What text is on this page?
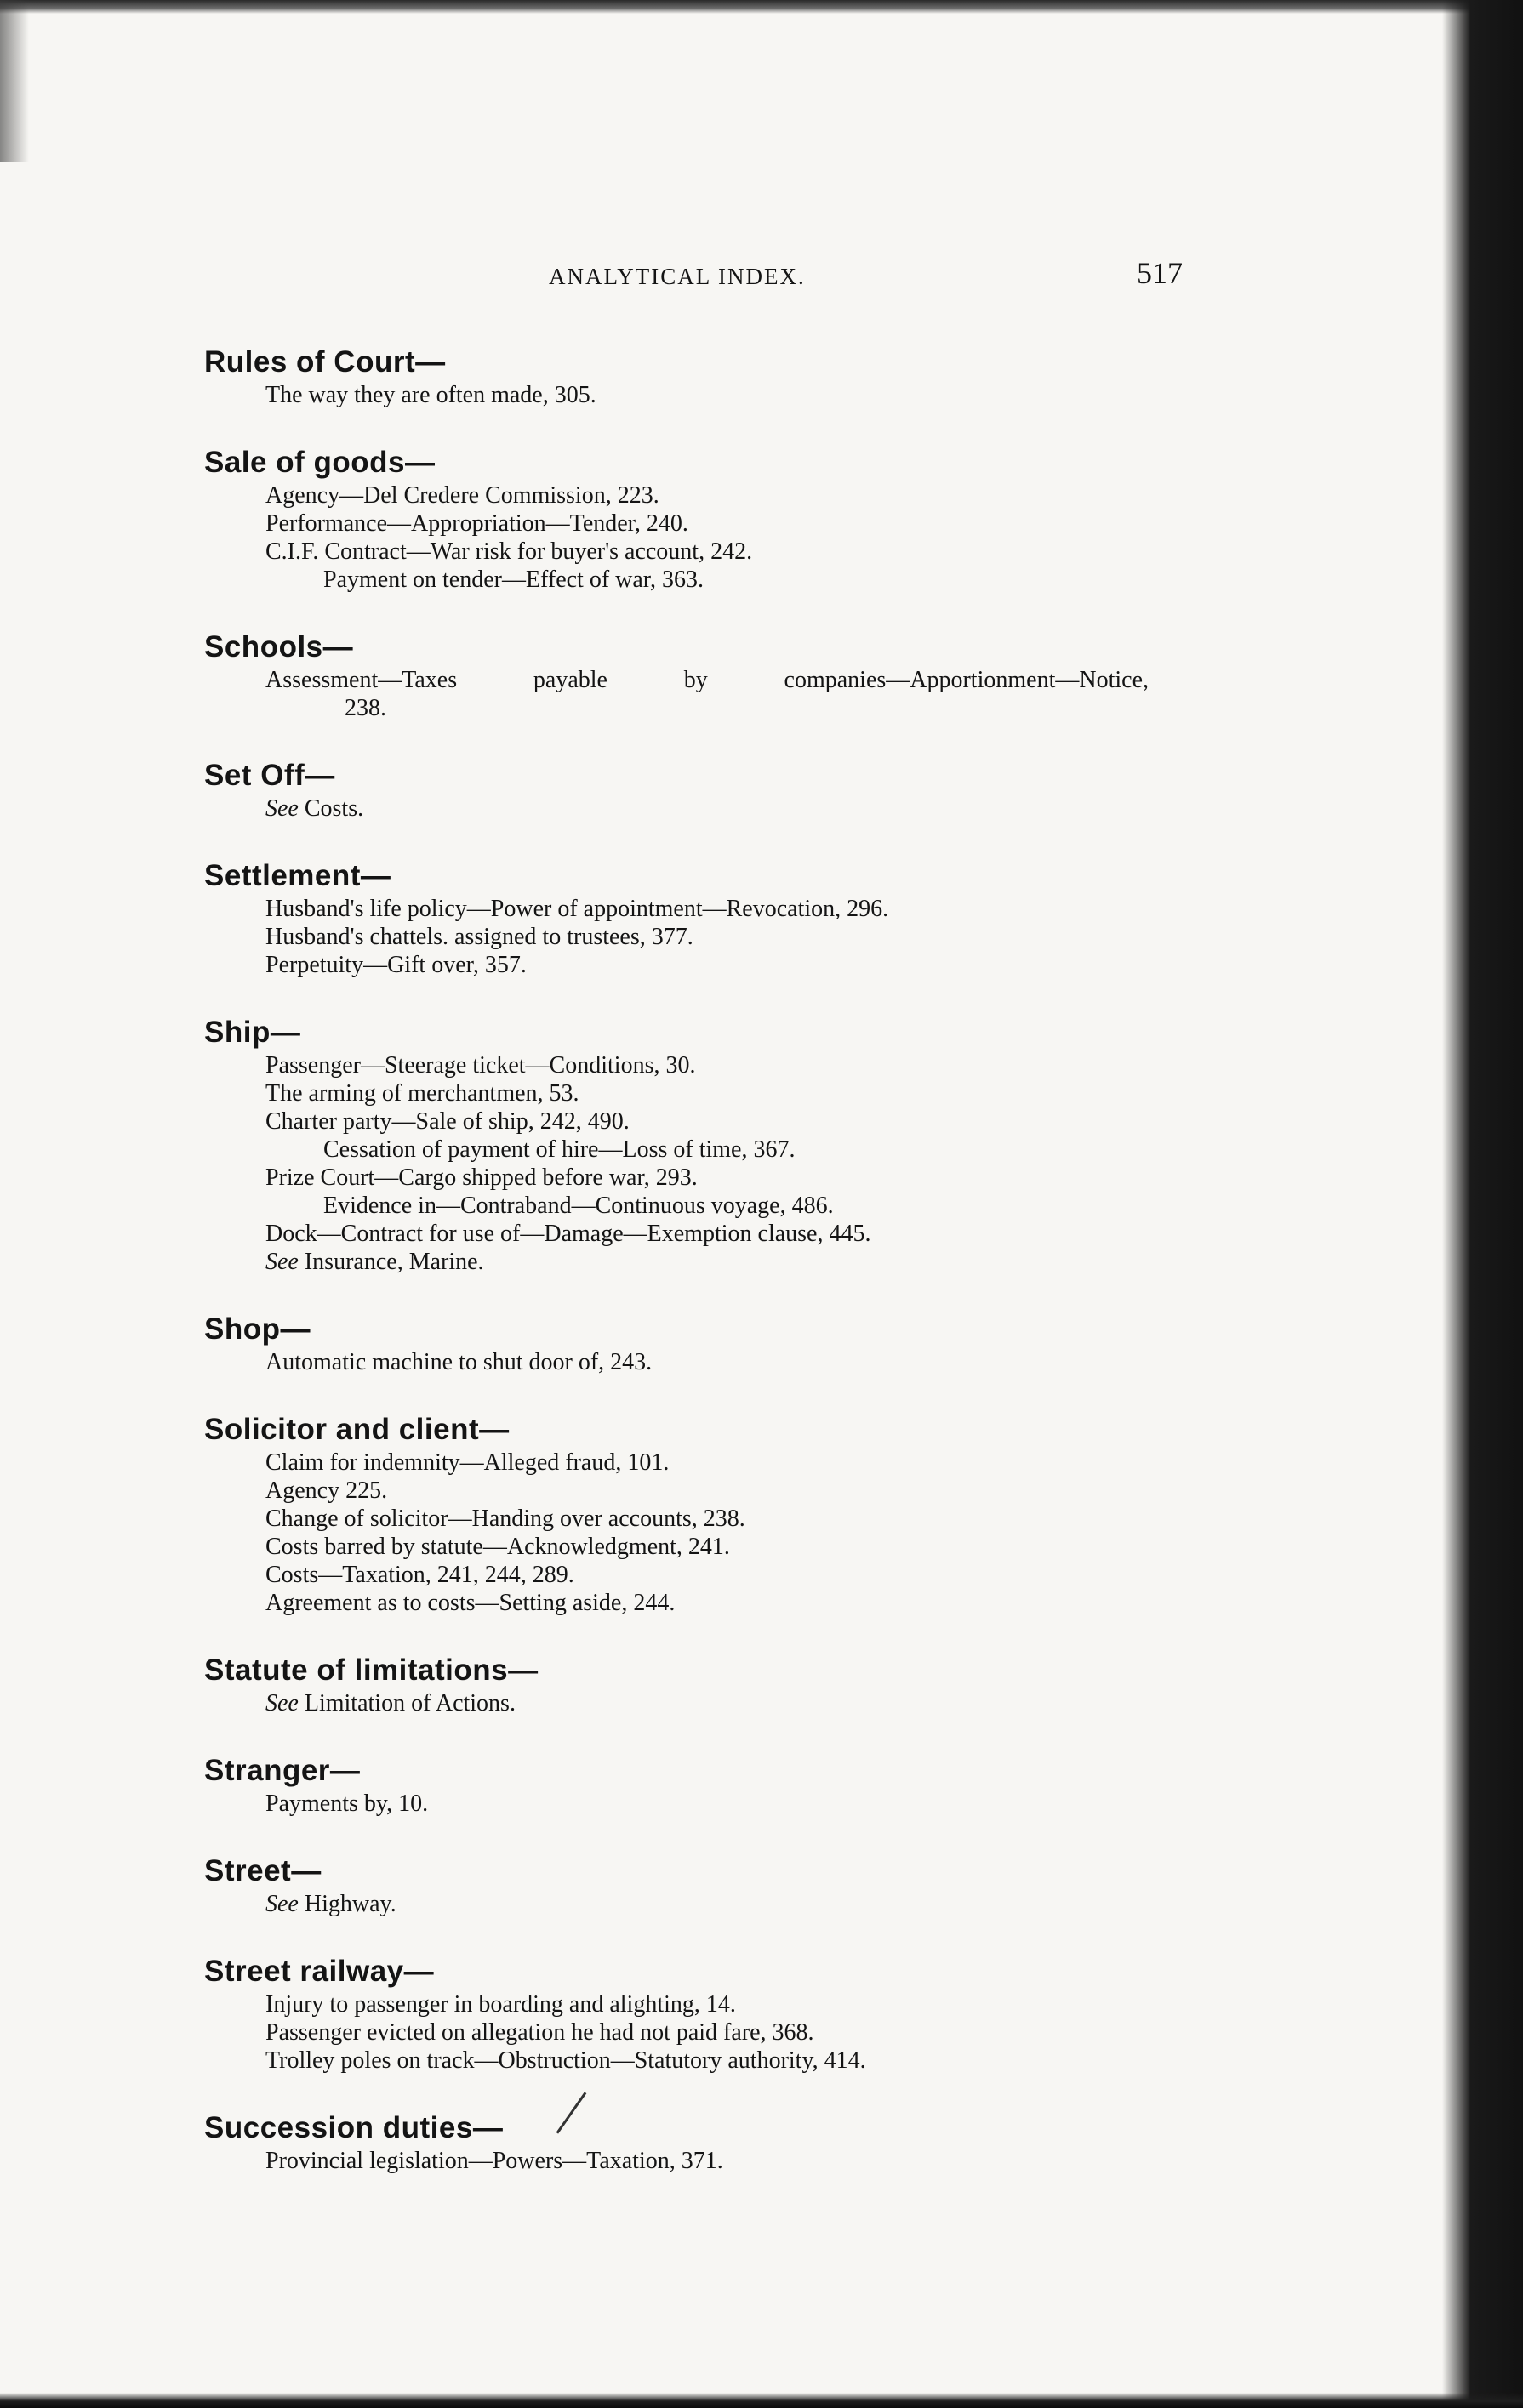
ANALYTICAL INDEX.	517
Rules of Court—
The way they are often made, 305.
Sale of goods—
Agency—Del Credere Commission, 223.
Performance—Appropriation—Tender, 240.
C.I.F. Contract—War risk for buyer's account, 242.
Payment on tender—Effect of war, 363.
Schools—
Assessment—Taxes payable by companies—Apportionment—Notice,
238.
Set Off—
See Costs.
Settlement—
Husband's life policy—Power of appointment—Revocation, 296.
Husband's chattels. assigned to trustees, 377.
Perpetuity—Gift over, 357.
Ship—
Passenger—Steerage ticket—Conditions, 30.
The arming of merchantmen, 53.
Charter party—Sale of ship, 242, 490.
Cessation of payment of hire—Loss of time, 367.
Prize Court—Cargo shipped before war, 293.
Evidence in—Contraband—Continuous voyage, 486.
Dock—Contract for use of—Damage—Exemption clause, 445.
See Insurance, Marine.
Shop—
Automatic machine to shut door of, 243.
Solicitor and client—
Claim for indemnity—Alleged fraud, 101.
Agency 225.
Change of solicitor—Handing over accounts, 238.
Costs barred by statute—Acknowledgment, 241.
Costs—Taxation, 241, 244, 289.
Agreement as to costs—Setting aside, 244.
Statute of limitations—
See Limitation of Actions.
Stranger—
Payments by, 10.
Street—
See Highway.
Street railway—
Injury to passenger in boarding and alighting, 14.
Passenger evicted on allegation he had not paid fare, 368.
Trolley poles on track—Obstruction—Statutory authority, 414.
Succession duties—
Provincial legislation—Powers—Taxation, 371.
